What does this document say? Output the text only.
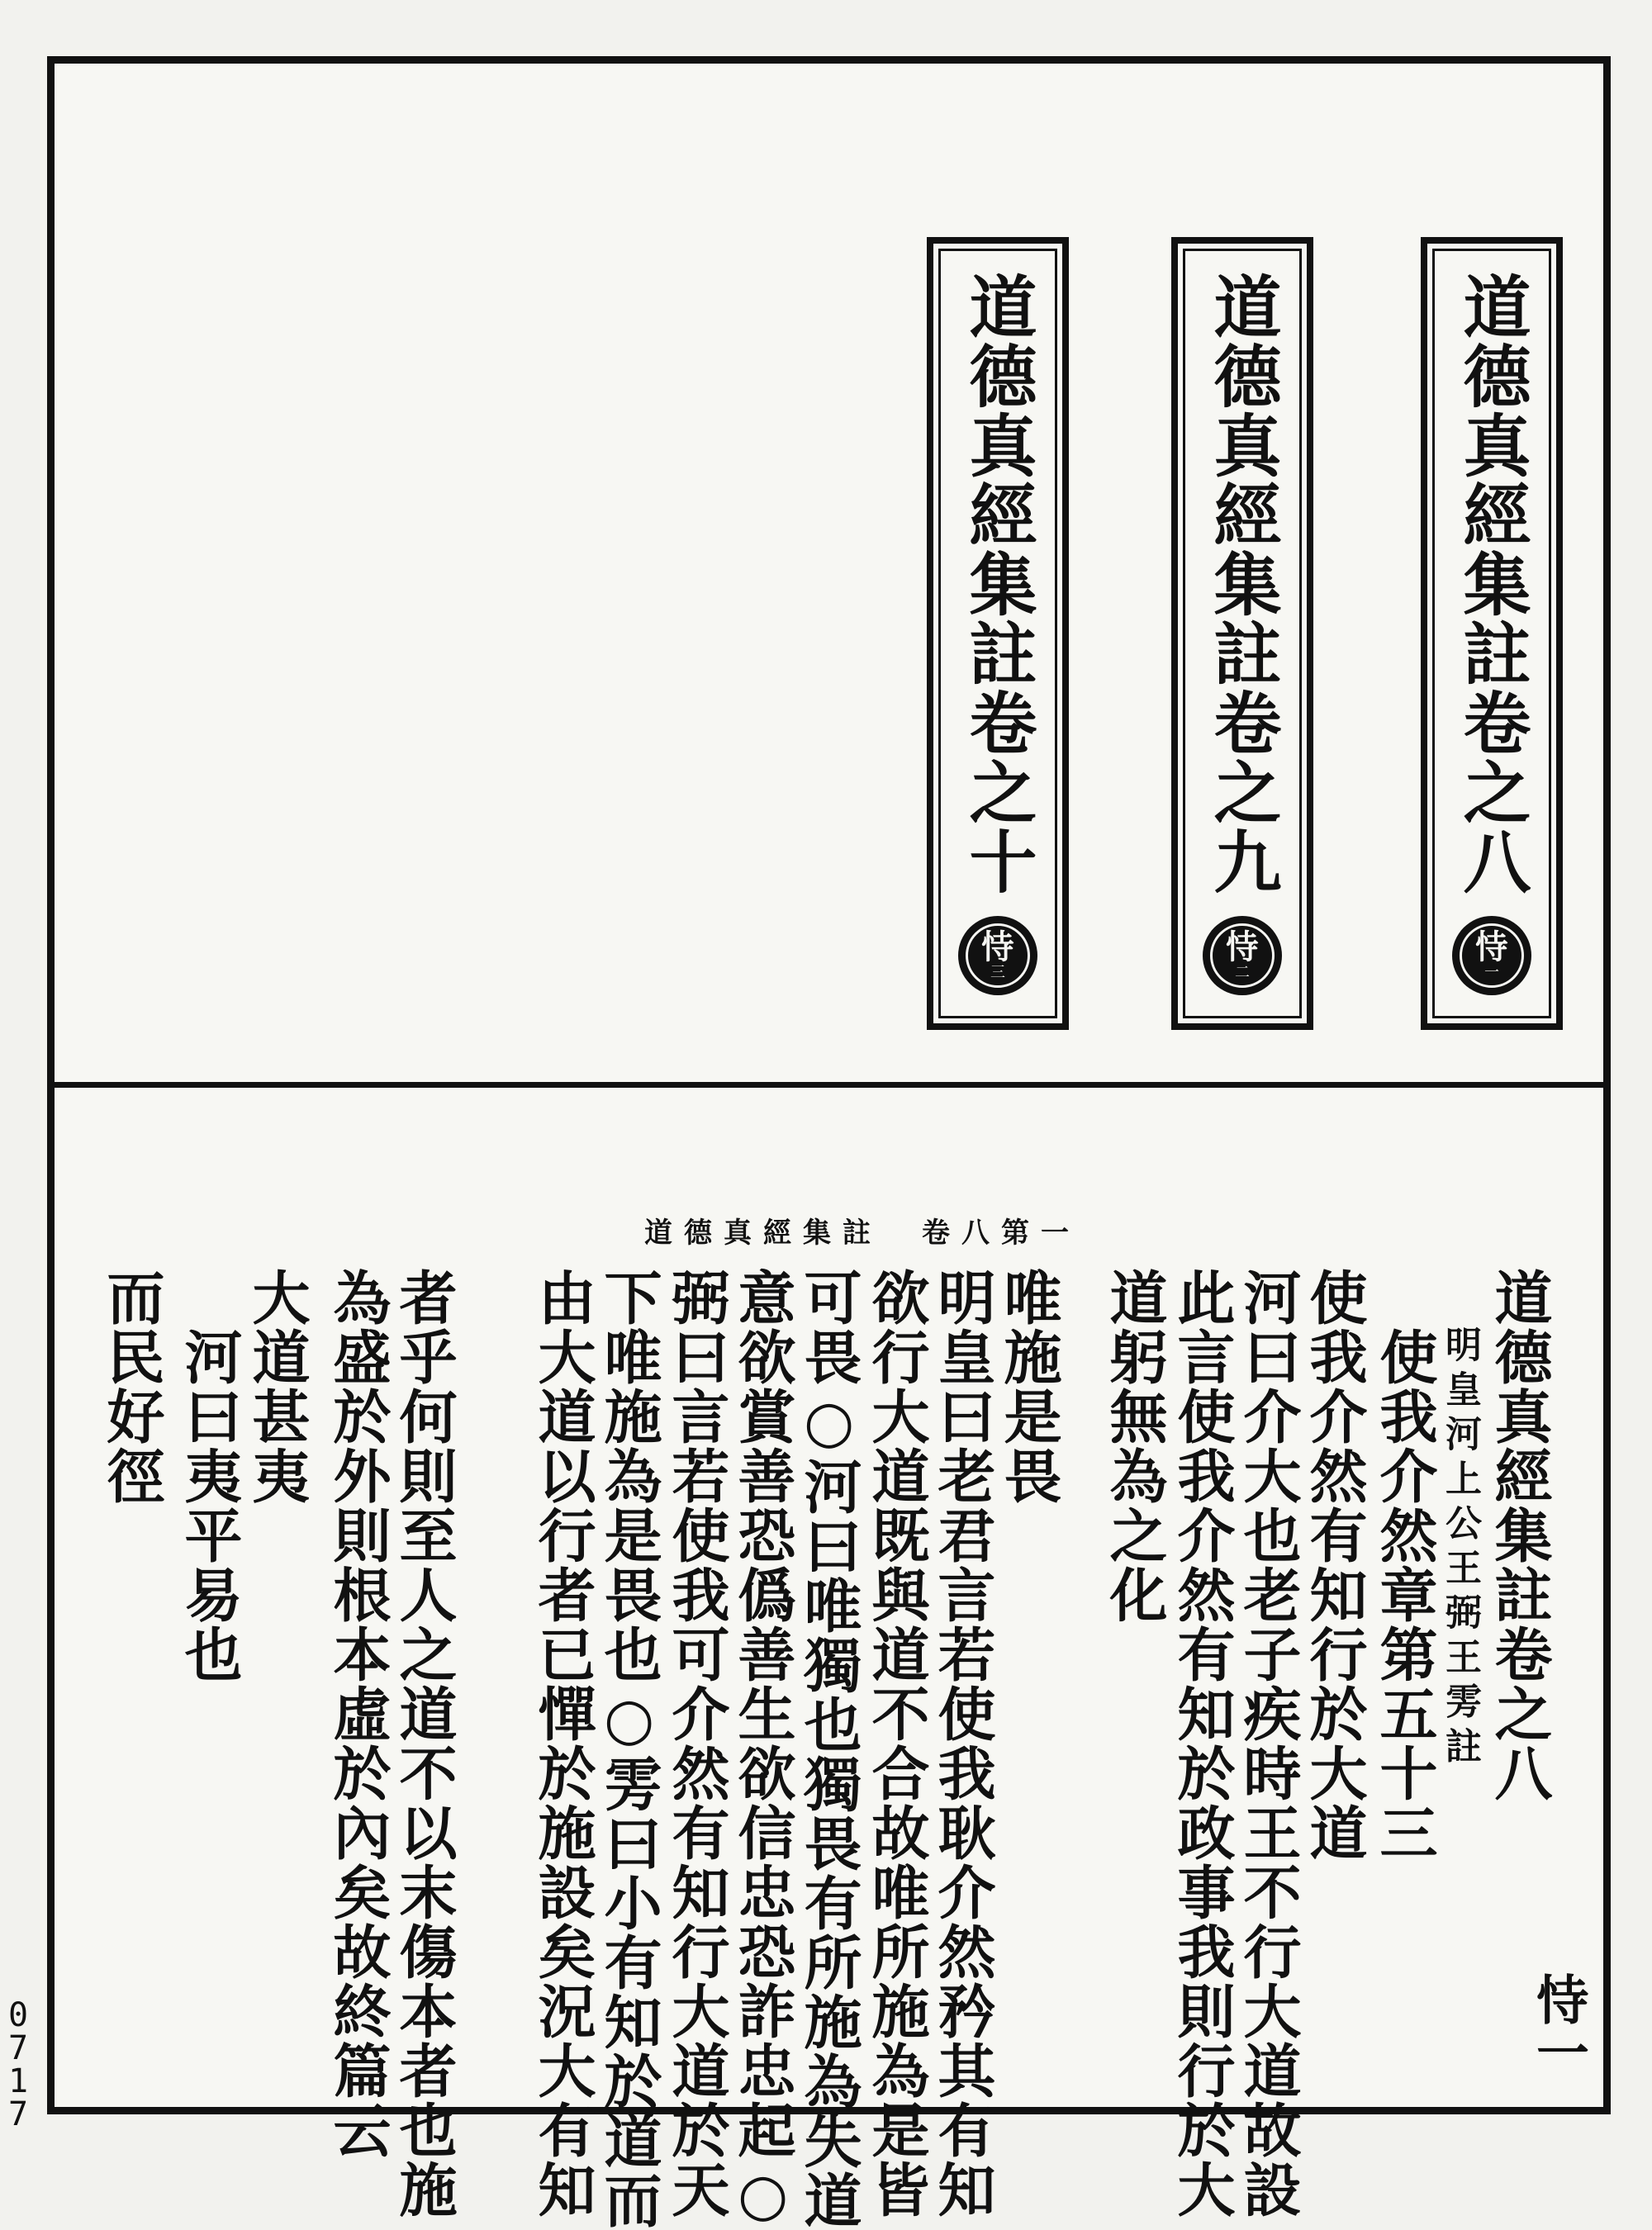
道德真經集註卷之八
恃
一
道德真經集註卷之九
恃
二
道德真經集註卷之十
恃
三
道德真經集註　卷八第一
道德真經集註卷之八
明皇河上公王弼王雱註
　使我介然章第五十三
使我介然有知行於大道
河曰介大也老子疾時王不行大道故設
此言使我介然有知於政事我則行於大
道躬無為之化
唯施是畏
明皇曰老君言若使我耿介然矜其有知
欲行大道既與道不合故唯所施為是皆
可畏○河曰唯獨也獨畏有所施為失道
意欲賞善恐僞善生欲信忠恐詐忠起○
弼曰言若使我可介然有知行大道於天
下唯施為是畏也○雱曰小有知於道而
由大道以行者已憚於施設矣況大有知
者乎何則至人之道不以末傷本者也施
為盛於外則根本虛於內矣故終篇云
大道甚夷
　河曰夷平易也
而民好徑
恃一
0717
